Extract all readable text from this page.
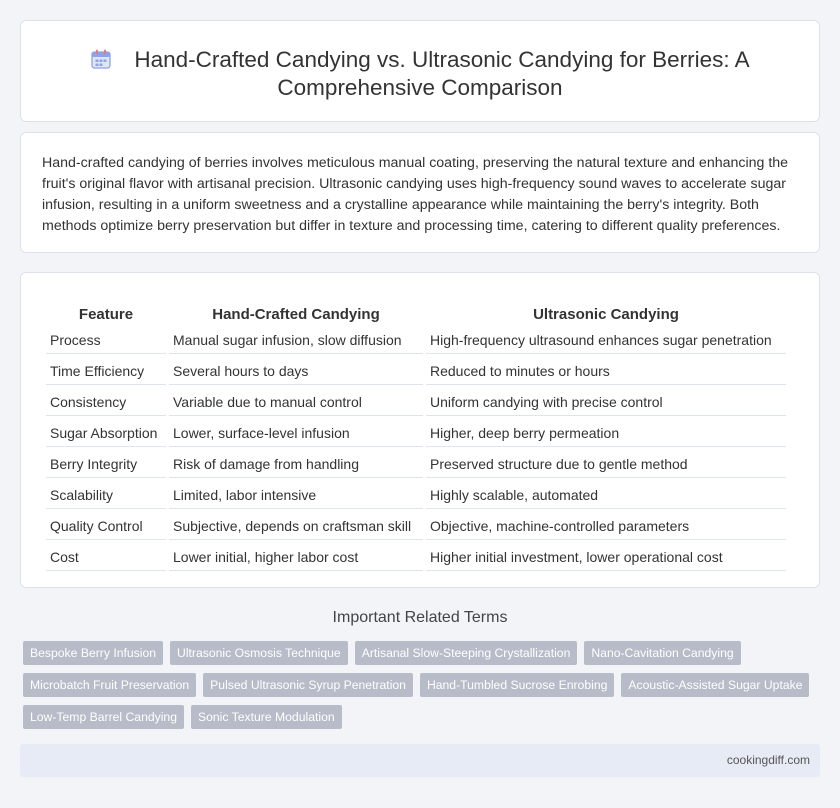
Hand-Crafted Candying vs. Ultrasonic Candying for Berries: A
Comprehensive Comparison

Hand-crafted candying of berries involves meticulous manual coating, preserving the natural texture and enhancing the fruit's original flavor with artisanal precision. Ultrasonic candying uses high-frequency sound waves to accelerate sugar infusion, resulting in a uniform sweetness and a crystalline appearance while maintaining the berry's integrity. Both methods optimize berry preservation but differ in texture and processing time, catering to different quality preferences.

Feature	Hand-Crafted Candying	Ultrasonic Candying
Process	Manual sugar infusion, slow diffusion	High-frequency ultrasound enhances sugar penetration
Time Efficiency	Several hours to days	Reduced to minutes or hours
Consistency	Variable due to manual control	Uniform candying with precise control
Sugar Absorption	Lower, surface-level infusion	Higher, deep berry permeation
Berry Integrity	Risk of damage from handling	Preserved structure due to gentle method
Scalability	Limited, labor intensive	Highly scalable, automated
Quality Control	Subjective, depends on craftsman skill	Objective, machine-controlled parameters
Cost	Lower initial, higher labor cost	Higher initial investment, lower operational cost
Important Related Terms
Bespoke Berry Infusion	Ultrasonic Osmosis Technique	Artisanal Slow-Steeping Crystallization	Nano-Cavitation Candying
Microbatch Fruit Preservation	Pulsed Ultrasonic Syrup Penetration	Hand-Tumbled Sucrose Enrobing	Acoustic-Assisted Sugar Uptake
Low-Temp Barrel Candying	Sonic Texture Modulation
cookingdiff.com
